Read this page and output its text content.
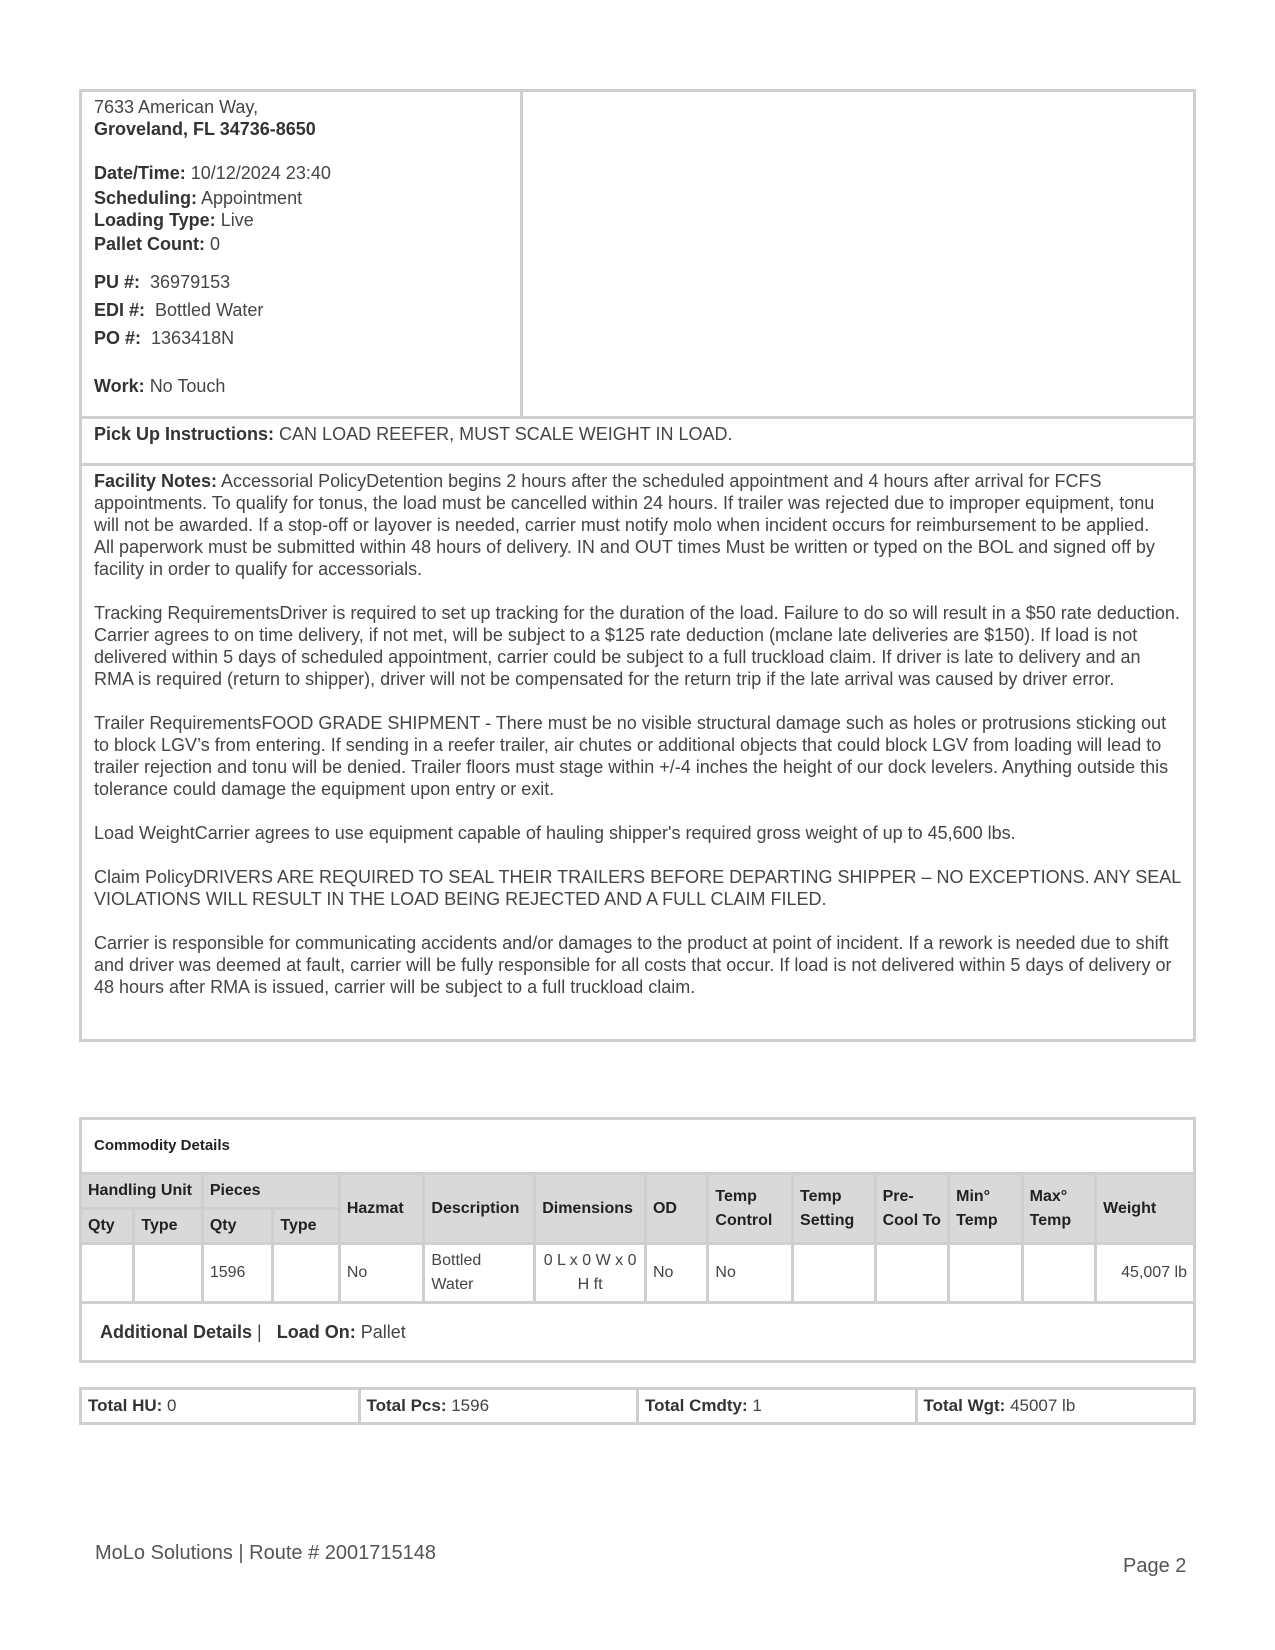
7633 American Way,
Groveland, FL 34736-8650
Date/Time: 10/12/2024 23:40
Scheduling: Appointment
Loading Type: Live
Pallet Count: 0
PU #: 36979153
EDI #: Bottled Water
PO #: 1363418N
Work: No Touch
Pick Up Instructions: CAN LOAD REEFER, MUST SCALE WEIGHT IN LOAD.

Facility Notes: Accessorial PolicyDetention begins 2 hours after the scheduled appointment and 4 hours after arrival for FCFS appointments. To qualify for tonus, the load must be cancelled within 24 hours. If trailer was rejected due to improper equipment, tonu will not be awarded. If a stop-off or layover is needed, carrier must notify molo when incident occurs for reimbursement to be applied.

All paperwork must be submitted within 48 hours of delivery. IN and OUT times Must be written or typed on the BOL and signed off by facility in order to qualify for accessorials.

Tracking RequirementsDriver is required to set up tracking for the duration of the load. Failure to do so will result in a $50 rate deduction.

Carrier agrees to on time delivery, if not met, will be subject to a $125 rate deduction (mclane late deliveries are $150). If load is not delivered within 5 days of scheduled appointment, carrier could be subject to a full truckload claim. If driver is late to delivery and an RMA is required (return to shipper), driver will not be compensated for the return trip if the late arrival was caused by driver error.

Trailer RequirementsFOOD GRADE SHIPMENT - There must be no visible structural damage such as holes or protrusions sticking out to block LGV’s from entering. If sending in a reefer trailer, air chutes or additional objects that could block LGV from loading will lead to trailer rejection and tonu will be denied. Trailer floors must stage within +/-4 inches the height of our dock levelers. Anything outside this tolerance could damage the equipment upon entry or exit.

Load WeightCarrier agrees to use equipment capable of hauling shipper's required gross weight of up to 45,600 lbs.

Claim PolicyDRIVERS ARE REQUIRED TO SEAL THEIR TRAILERS BEFORE DEPARTING SHIPPER – NO EXCEPTIONS. ANY SEAL VIOLATIONS WILL RESULT IN THE LOAD BEING REJECTED AND A FULL CLAIM FILED.

Carrier is responsible for communicating accidents and/or damages to the product at point of incident. If a rework is needed due to shift and driver was deemed at fault, carrier will be fully responsible for all costs that occur. If load is not delivered within 5 days of delivery or 48 hours after RMA is issued, carrier will be subject to a full truckload claim.

Commodity Details													
Handling Unit		Pieces		Hazmat	Description	Dimensions	OD	Temp Control	Temp Setting	Pre-Cool To	Min° Temp	Max° Temp	Weight
Qty	Type	Qty	Type										
		1596		No	Bottled Water	0 L x 0 W x 0 H ft	No	No					45,007 lb
Additional Details |   Load On: Pallet													
Total HU: 0	Total Pcs: 1596	Total Cmdty: 1	Total Wgt: 45007 lb
MoLo Solutions | Route # 2001715148
Page 2
